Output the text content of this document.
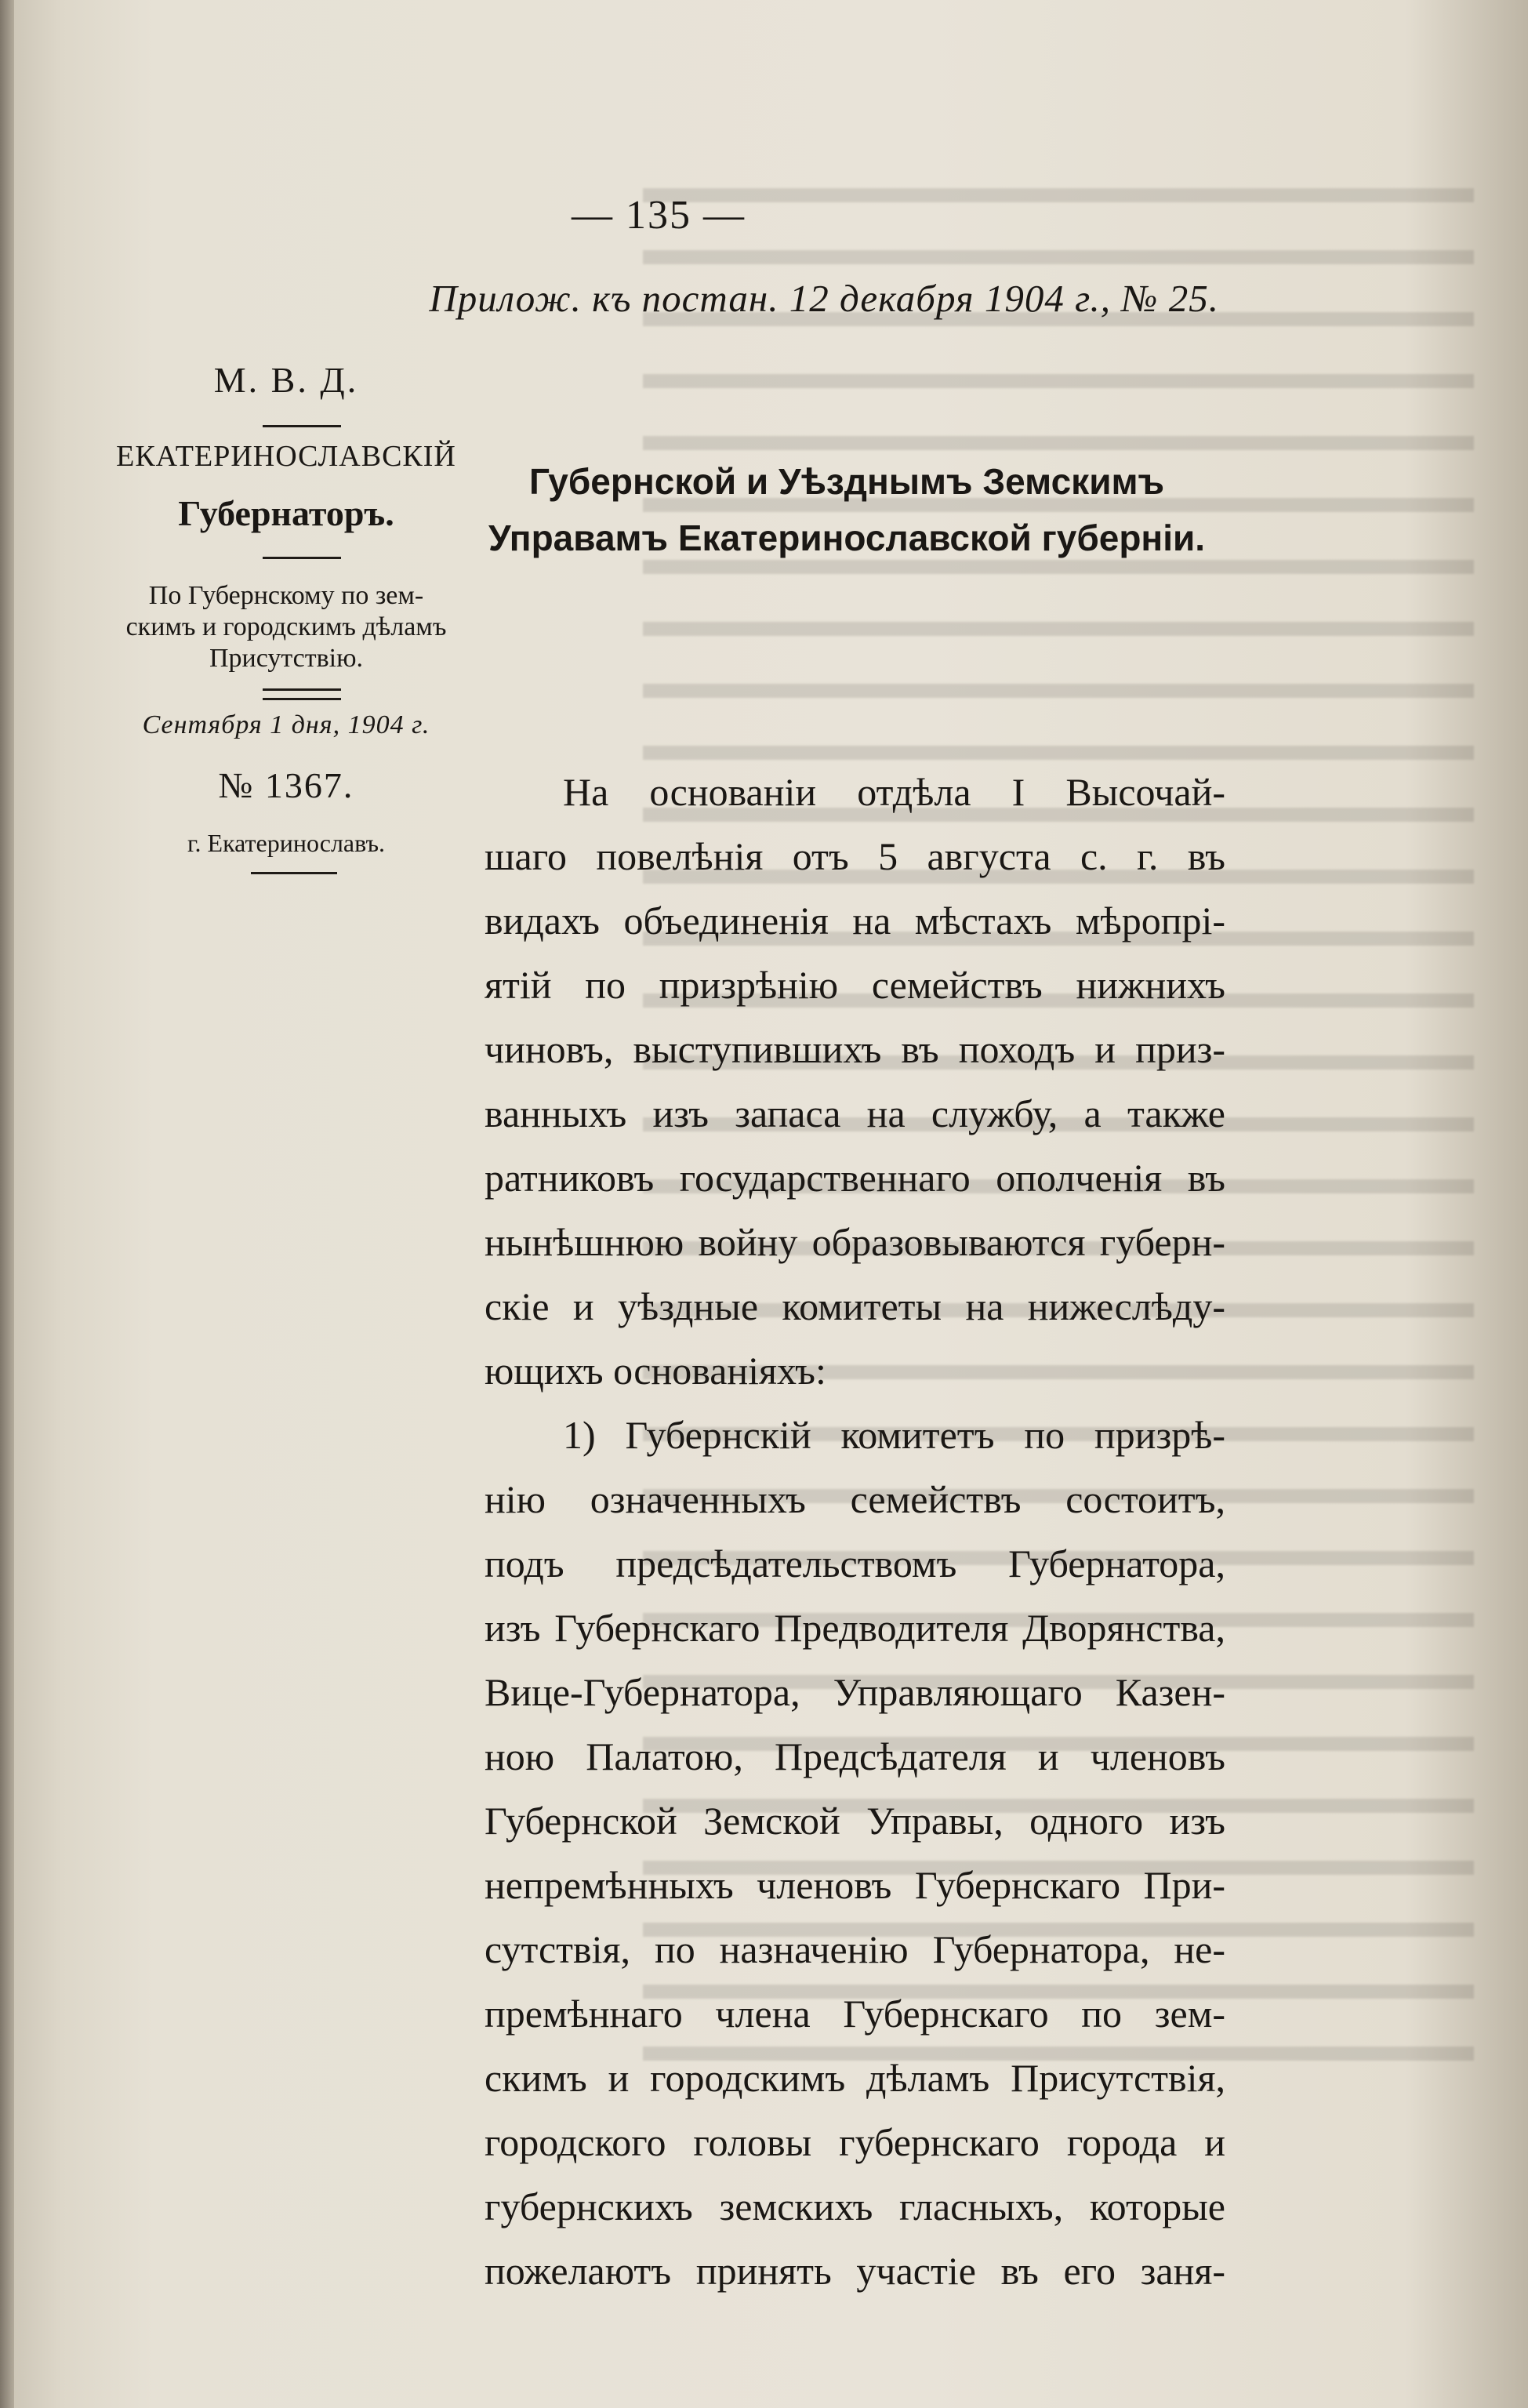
— 135 —
Прилож. къ постан. 12 декабря 1904 г., № 25.
М. В. Д.
ЕКАТЕРИНОСЛАВСКІЙ
Губернаторъ.
По Губернскому по зем-
скимъ и городскимъ дѣламъ
Присутствію.
Сентября 1 дня, 1904 г.
№ 1367.
г. Екатеринославъ.
Губернской и Уѣзднымъ Земскимъ
Управамъ Екатеринославской губерніи.
На основаніи отдѣла I Высочай-
шаго повелѣнія отъ 5 августа с. г. въ
видахъ объединенія на мѣстахъ мѣропрі-
ятій по призрѣнію семействъ нижнихъ
чиновъ, выступившихъ въ походъ и приз-
ванныхъ изъ запаса на службу, а также
ратниковъ государственнаго ополченія въ
нынѣшнюю войну образовываются губерн-
скіе и уѣздные комитеты на нижеслѣду-
ющихъ основаніяхъ:
1) Губернскій комитетъ по призрѣ-
нію означенныхъ семействъ состоитъ,
подъ предсѣдательствомъ Губернатора,
изъ Губернскаго Предводителя Дворянства,
Вице-Губернатора, Управляющаго Казен-
ною Палатою, Предсѣдателя и членовъ
Губернской Земской Управы, одного изъ
непремѣнныхъ членовъ Губернскаго При-
сутствія, по назначенію Губернатора, не-
премѣннаго члена Губернскаго по зем-
скимъ и городскимъ дѣламъ Присутствія,
городского головы губернскаго города и
губернскихъ земскихъ гласныхъ, которые
пожелаютъ принять участіе въ его заня-
